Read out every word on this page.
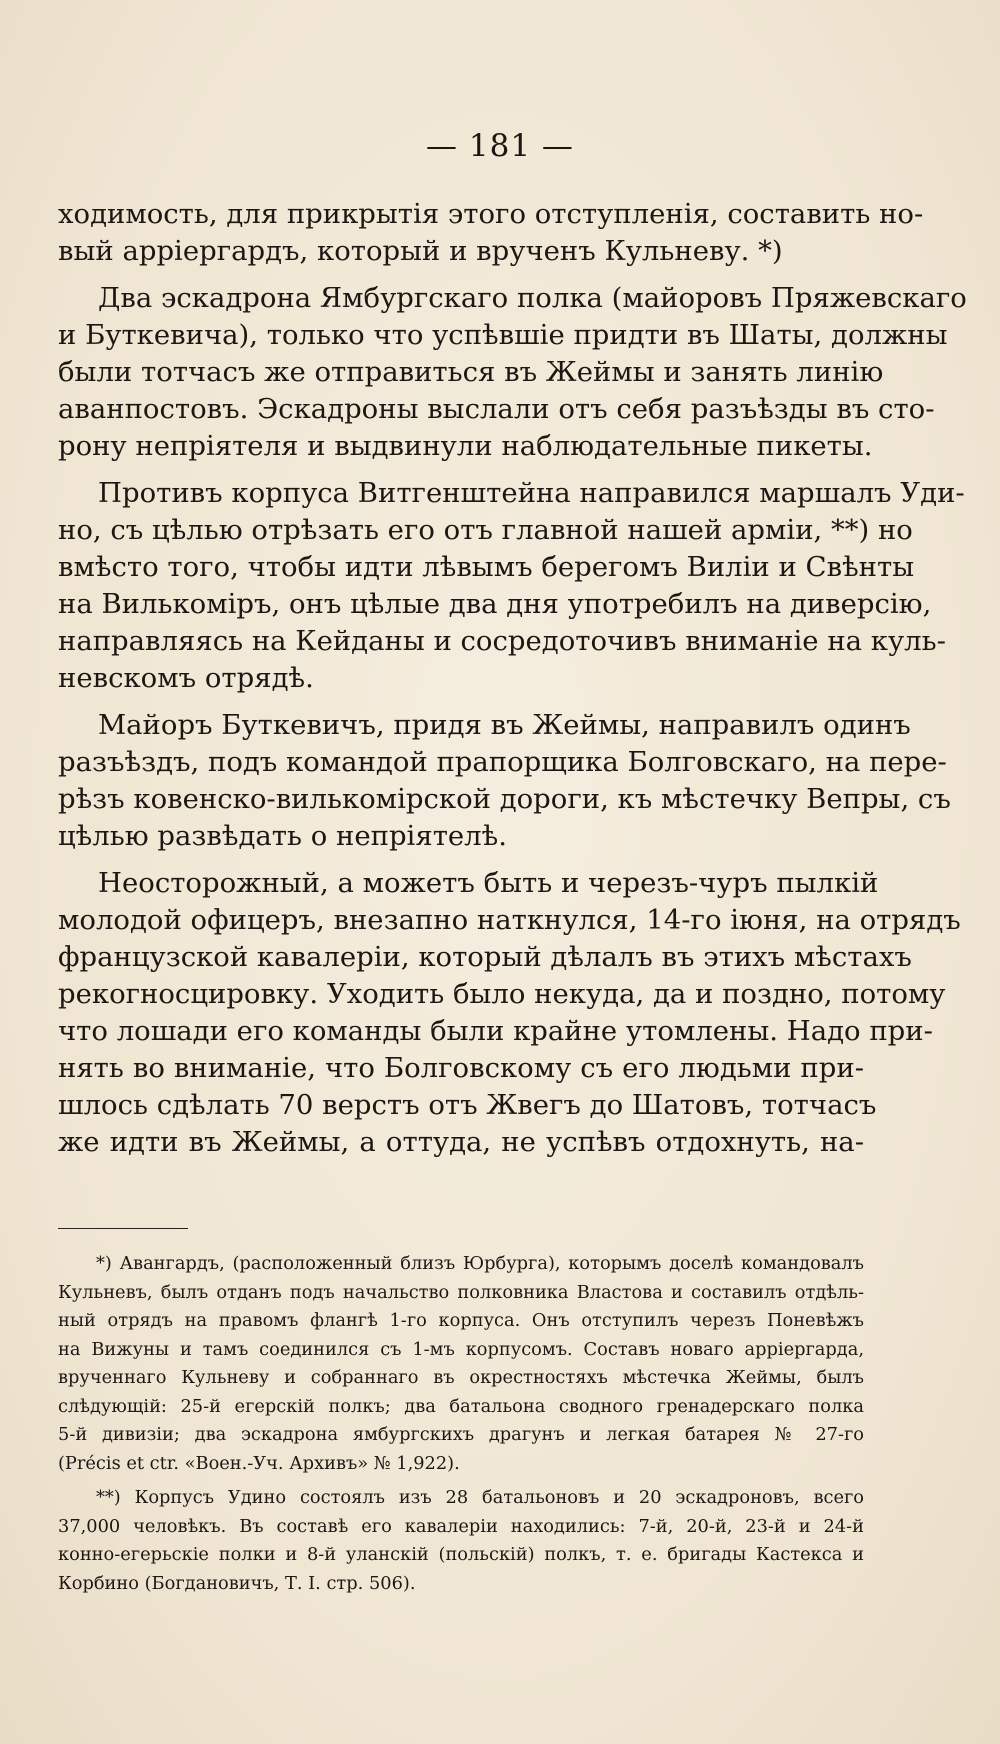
— 181 —
ходимость, для прикрытія этого отступленія, составить но-
вый арріергардъ, который и врученъ Кульневу. *)
Два эскадрона Ямбургскаго полка (майоровъ Пряжевскаго
и Буткевича), только что успѣвшіе придти въ Шаты, должны
были тотчасъ же отправиться въ Жеймы и занять линію
аванпостовъ. Эскадроны выслали отъ себя разъѣзды въ сто-
рону непріятеля и выдвинули наблюдательные пикеты.
Противъ корпуса Витгенштейна направился маршалъ Уди-
но, съ цѣлью отрѣзать его отъ главной нашей арміи, **) но
вмѣсто того, чтобы идти лѣвымъ берегомъ Виліи и Свѣнты
на Вилькоміръ, онъ цѣлые два дня употребилъ на диверсію,
направляясь на Кейданы и сосредоточивъ вниманіе на куль-
невскомъ отрядѣ.
Майоръ Буткевичъ, придя въ Жеймы, направилъ одинъ
разъѣздъ, подъ командой прапорщика Болговскаго, на пере-
рѣзъ ковенско-вилькомірской дороги, къ мѣстечку Вепры, съ
цѣлью развѣдать о непріятелѣ.
Неосторожный, а можетъ быть и черезъ-чуръ пылкій
молодой офицеръ, внезапно наткнулся, 14-го іюня, на отрядъ
французской кавалеріи, который дѣлалъ въ этихъ мѣстахъ
рекогносцировку. Уходить было некуда, да и поздно, потому
что лошади его команды были крайне утомлены. Надо при-
нять во вниманіе, что Болговскому съ его людьми при-
шлось сдѣлать 70 верстъ отъ Жвегъ до Шатовъ, тотчасъ
же идти въ Жеймы, а оттуда, не успѣвъ отдохнуть, на-
*) Авангардъ, (расположенный близъ Юрбурга), которымъ доселѣ командовалъ
Кульневъ, былъ отданъ подъ начальство полковника Властова и составилъ отдѣль-
ный отрядъ на правомъ флангѣ 1-го корпуса. Онъ отступилъ черезъ Поневѣжъ
на Вижуны и тамъ соединился съ 1-мъ корпусомъ. Составъ новаго арріергарда,
врученнаго Кульневу и собраннаго въ окрестностяхъ мѣстечка Жеймы, былъ
слѣдующій: 25-й егерскій полкъ; два батальона сводного гренадерскаго полка
5-й дивизіи; два эскадрона ямбургскихъ драгунъ и легкая батарея № 27-го
(Précis et ctr. «Воен.-Уч. Архивъ» № 1,922).
**) Корпусъ Удино состоялъ изъ 28 батальоновъ и 20 эскадроновъ, всего
37,000 человѣкъ. Въ составѣ его кавалеріи находились: 7-й, 20-й, 23-й и 24-й
конно-егерьскіе полки и 8-й уланскій (польскій) полкъ, т. е. бригады Кастекса и
Корбино (Богдановичъ, Т. I. стр. 506).
